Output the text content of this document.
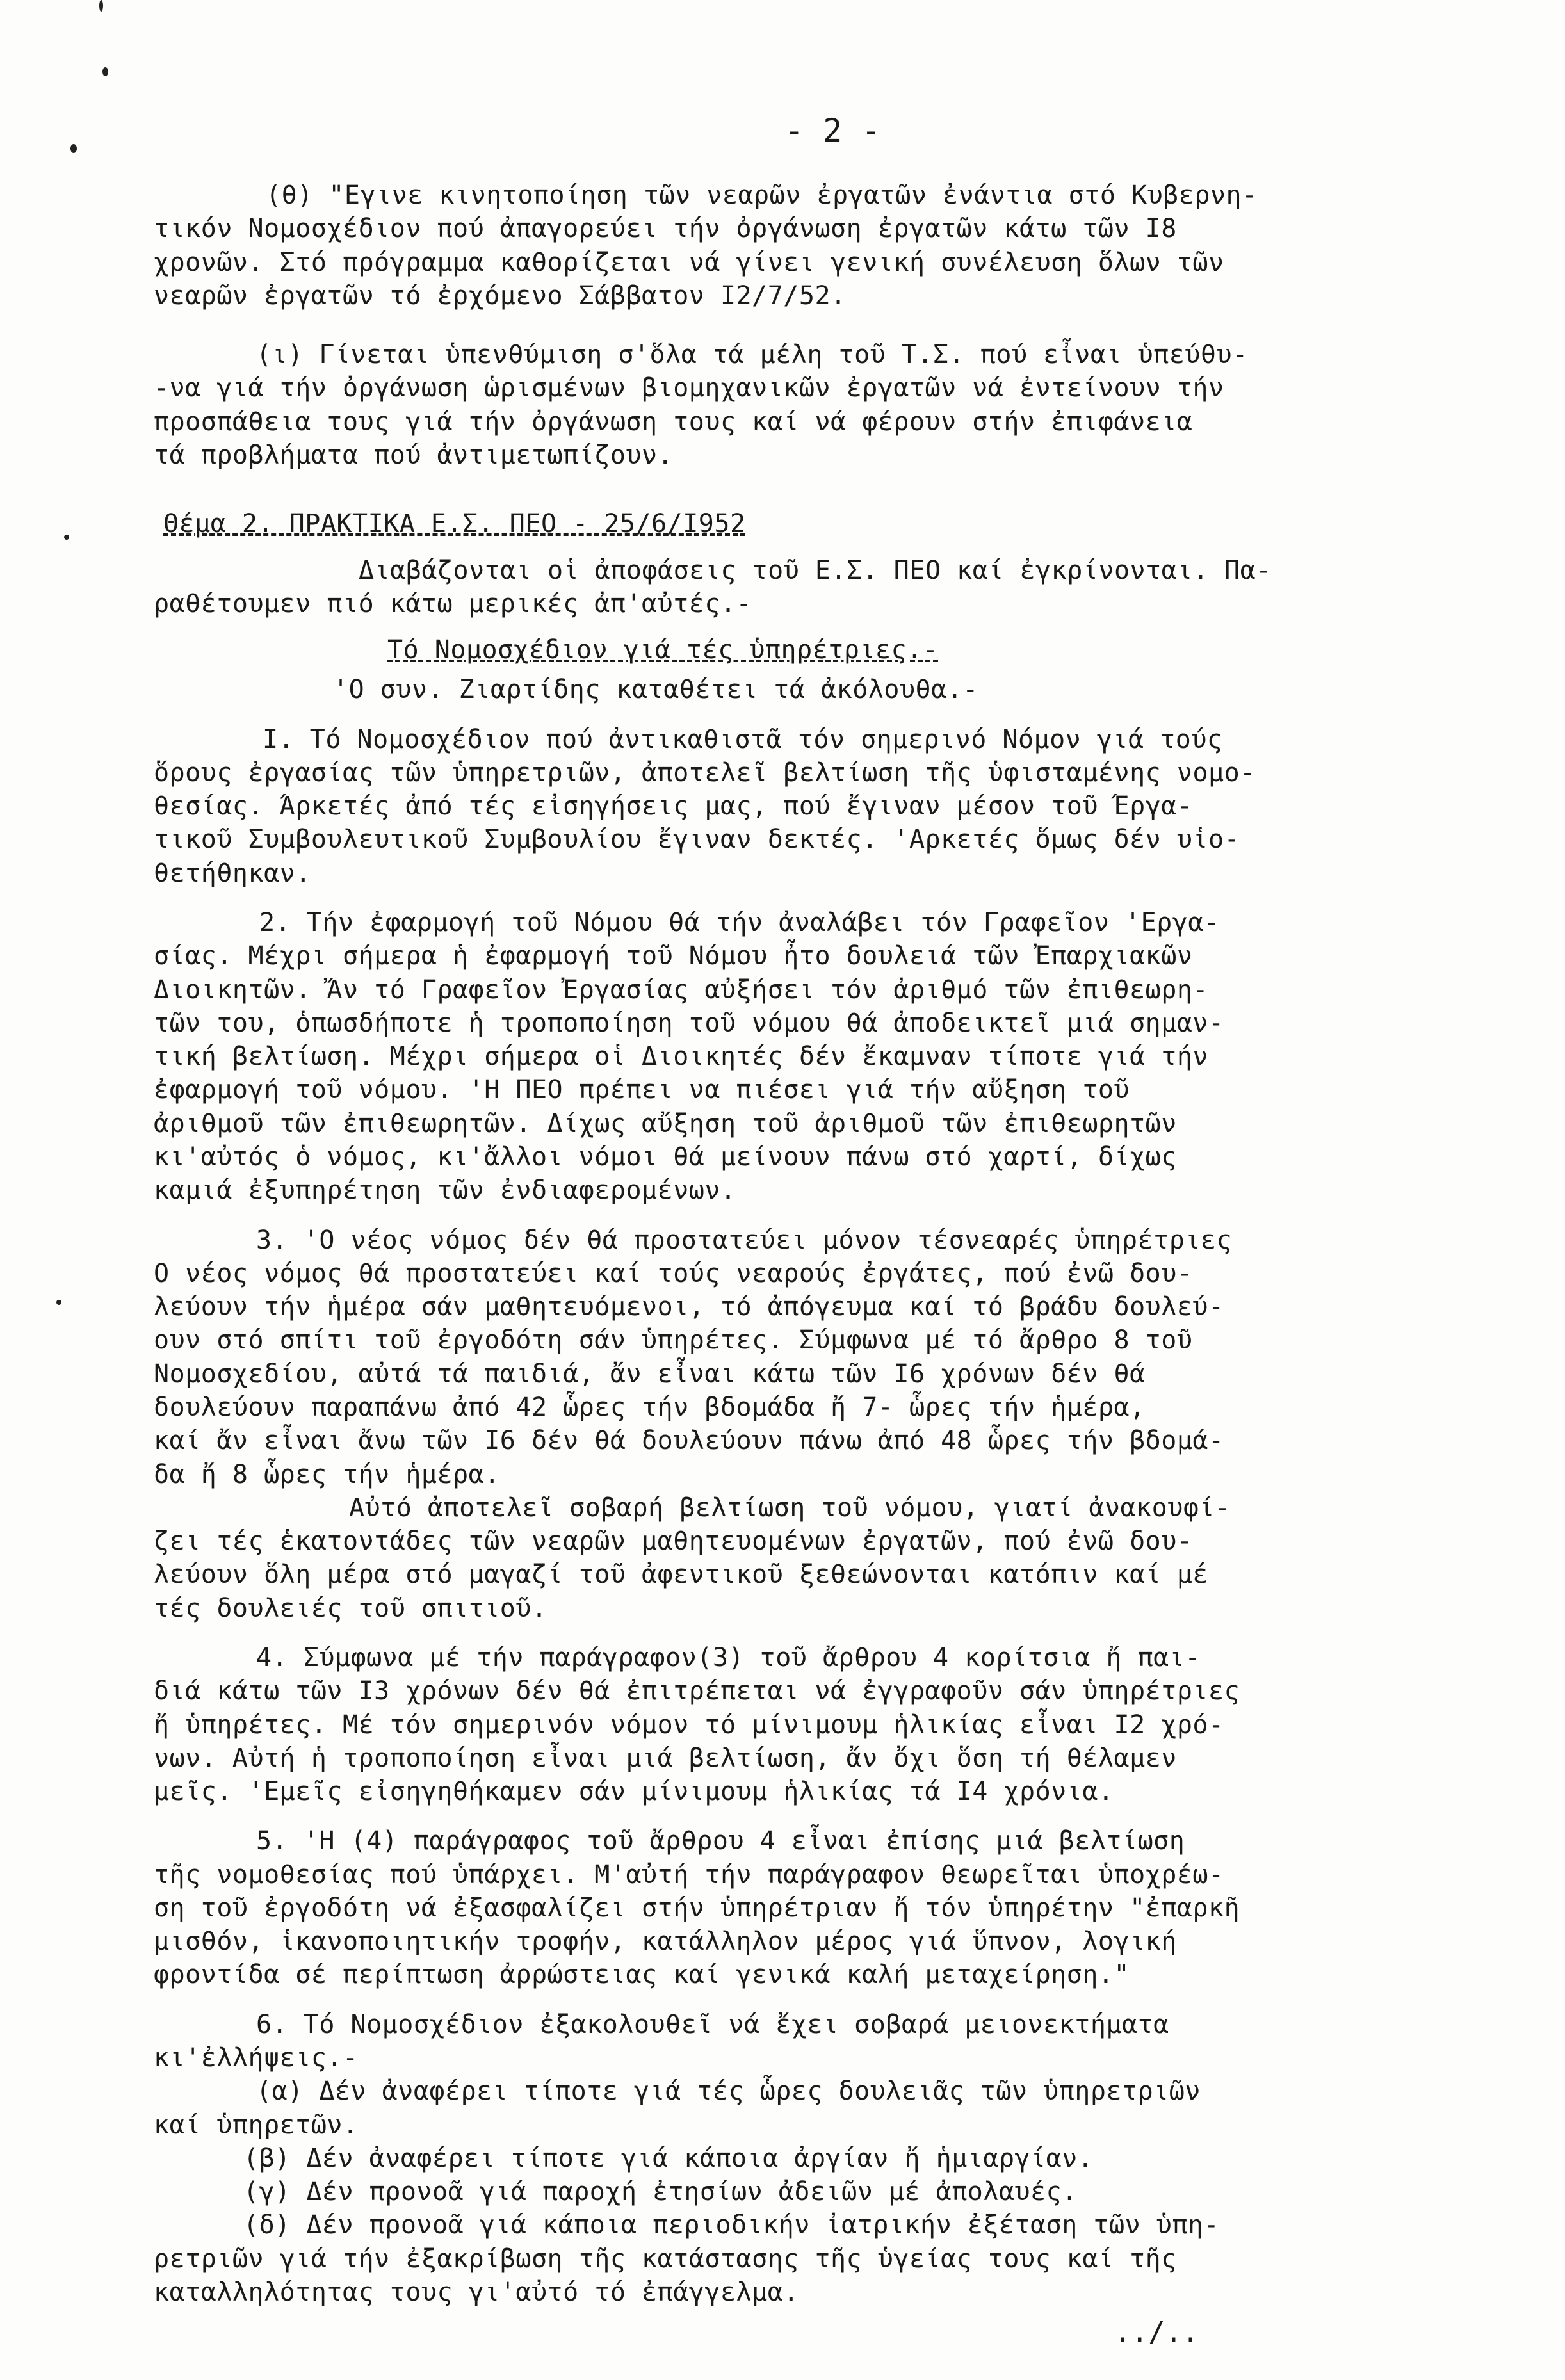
- 2 -
(θ) "Εγινε κινητοποίηση τῶν νεαρῶν ἐργατῶν ἐνάντια στό Κυβερνη-
τικόν Νομοσχέδιον πού ἀπαγορεύει τήν ὀργάνωση ἐργατῶν κάτω τῶν Ι8
χρονῶν. Στό πρόγραμμα καθορίζεται νά γίνει γενική συνέλευση ὅλων τῶν
νεαρῶν ἐργατῶν τό ἐρχόμενο Σάββατον Ι2/7/52.
(ι) Γίνεται ὑπενθύμιση σ'ὅλα τά μέλη τοῦ Τ.Σ. πού εἶναι ὑπεύθυ-
-να γιά τήν ὀργάνωση ὡρισμένων βιομηχανικῶν ἐργατῶν νά ἐντείνουν τήν
προσπάθεια τους γιά τήν ὀργάνωση τους καί νά φέρουν στήν ἐπιφάνεια
τά προβλήματα πού ἀντιμετωπίζουν.
Θέμα 2. ΠΡΑΚΤΙΚΑ Ε.Σ. ΠΕΟ - 25/6/Ι952
Διαβάζονται οἱ ἀποφάσεις τοῦ Ε.Σ. ΠΕΟ καί ἐγκρίνονται. Πα-
ραθέτουμεν πιό κάτω μερικές ἀπ'αὐτές.-
Τό Νομοσχέδιον γιά τές ὑπηρέτριες.-
'Ο συν. Ζιαρτίδης καταθέτει τά ἀκόλουθα.-
Ι. Τό Νομοσχέδιον πού ἀντικαθιστᾶ τόν σημερινό Νόμον γιά τούς
ὅρους ἐργασίας τῶν ὑπηρετριῶν, ἀποτελεῖ βελτίωση τῆς ὑφισταμένης νομο-
θεσίας. Άρκετές ἀπό τές εἰσηγήσεις μας, πού ἔγιναν μέσον τοῦ Έργα-
τικοῦ Συμβουλευτικοῦ Συμβουλίου ἔγιναν δεκτές. 'Αρκετές ὅμως δέν υἱο-
θετήθηκαν.
2. Τήν ἐφαρμογή τοῦ Νόμου θά τήν ἀναλάβει τόν Γραφεῖον 'Εργα-
σίας. Μέχρι σήμερα ἡ ἐφαρμογή τοῦ Νόμου ἦτο δουλειά τῶν Ἐπαρχιακῶν
Διοικητῶν. Ἄν τό Γραφεῖον Ἐργασίας αὐξήσει τόν ἀριθμό τῶν ἐπιθεωρη-
τῶν του, ὁπωσδήποτε ἡ τροποποίηση τοῦ νόμου θά ἀποδεικτεῖ μιά σημαν-
τική βελτίωση. Μέχρι σήμερα οἱ Διοικητές δέν ἔκαμναν τίποτε γιά τήν
ἐφαρμογή τοῦ νόμου. 'Η ΠΕΟ πρέπει να πιέσει γιά τήν αὔξηση τοῦ
ἀριθμοῦ τῶν ἐπιθεωρητῶν. Δίχως αὔξηση τοῦ ἀριθμοῦ τῶν ἐπιθεωρητῶν
κι'αὐτός ὁ νόμος, κι'ἄλλοι νόμοι θά μείνουν πάνω στό χαρτί, δίχως
καμιά ἐξυπηρέτηση τῶν ἐνδιαφερομένων.
3. 'Ο νέος νόμος δέν θά προστατεύει μόνον τέσνεαρές ὑπηρέτριες
Ο νέος νόμος θά προστατεύει καί τούς νεαρούς ἐργάτες, πού ἐνῶ δου-
λεύουν τήν ἡμέρα σάν μαθητευόμενοι, τό ἀπόγευμα καί τό βράδυ δουλεύ-
ουν στό σπίτι τοῦ ἐργοδότη σάν ὑπηρέτες. Σύμφωνα μέ τό ἄρθρο 8 τοῦ
Νομοσχεδίου, αὐτά τά παιδιά, ἄν εἶναι κάτω τῶν Ι6 χρόνων δέν θά
δουλεύουν παραπάνω ἀπό 42 ὧρες τήν βδομάδα ἤ 7- ὧρες τήν ἡμέρα,
καί ἄν εἶναι ἄνω τῶν Ι6 δέν θά δουλεύουν πάνω ἀπό 48 ὧρες τήν βδομά-
δα ἤ 8 ὧρες τήν ἡμέρα.
Αὐτό ἀποτελεῖ σοβαρή βελτίωση τοῦ νόμου, γιατί ἀνακουφί-
ζει τές ἑκατοντάδες τῶν νεαρῶν μαθητευομένων ἐργατῶν, πού ἐνῶ δου-
λεύουν ὅλη μέρα στό μαγαζί τοῦ ἀφεντικοῦ ξεθεώνονται κατόπιν καί μέ
τές δουλειές τοῦ σπιτιοῦ.
4. Σύμφωνα μέ τήν παράγραφον(3) τοῦ ἄρθρου 4 κορίτσια ἤ παι-
διά κάτω τῶν Ι3 χρόνων δέν θά ἐπιτρέπεται νά ἐγγραφοῦν σάν ὑπηρέτριες
ἤ ὑπηρέτες. Μέ τόν σημερινόν νόμον τό μίνιμουμ ἡλικίας εἶναι Ι2 χρό-
νων. Αὐτή ἡ τροποποίηση εἶναι μιά βελτίωση, ἄν ὄχι ὅση τή θέλαμεν
μεῖς. 'Εμεῖς εἰσηγηθήκαμεν σάν μίνιμουμ ἡλικίας τά Ι4 χρόνια.
5. 'Η (4) παράγραφος τοῦ ἄρθρου 4 εἶναι ἐπίσης μιά βελτίωση
τῆς νομοθεσίας πού ὑπάρχει. Μ'αὐτή τήν παράγραφον θεωρεῖται ὑποχρέω-
ση τοῦ ἐργοδότη νά ἐξασφαλίζει στήν ὑπηρέτριαν ἤ τόν ὑπηρέτην "ἐπαρκῆ
μισθόν, ἱκανοποιητικήν τροφήν, κατάλληλον μέρος γιά ὕπνον, λογική
φροντίδα σέ περίπτωση ἀρρώστειας καί γενικά καλή μεταχείρηση."
6. Τό Νομοσχέδιον ἐξακολουθεῖ νά ἔχει σοβαρά μειονεκτήματα
κι'ἐλλήψεις.-
(α) Δέν ἀναφέρει τίποτε γιά τές ὧρες δουλειᾶς τῶν ὑπηρετριῶν
καί ὑπηρετῶν.
(β) Δέν ἀναφέρει τίποτε γιά κάποια ἀργίαν ἤ ἡμιαργίαν.
(γ) Δέν προνοᾶ γιά παροχή ἐτησίων ἀδειῶν μέ ἀπολαυές.
(δ) Δέν προνοᾶ γιά κάποια περιοδικήν ἰατρικήν ἐξέταση τῶν ὑπη-
ρετριῶν γιά τήν ἐξακρίβωση τῆς κατάστασης τῆς ὑγείας τους καί τῆς
καταλληλότητας τους γι'αὐτό τό ἐπάγγελμα.
../..
